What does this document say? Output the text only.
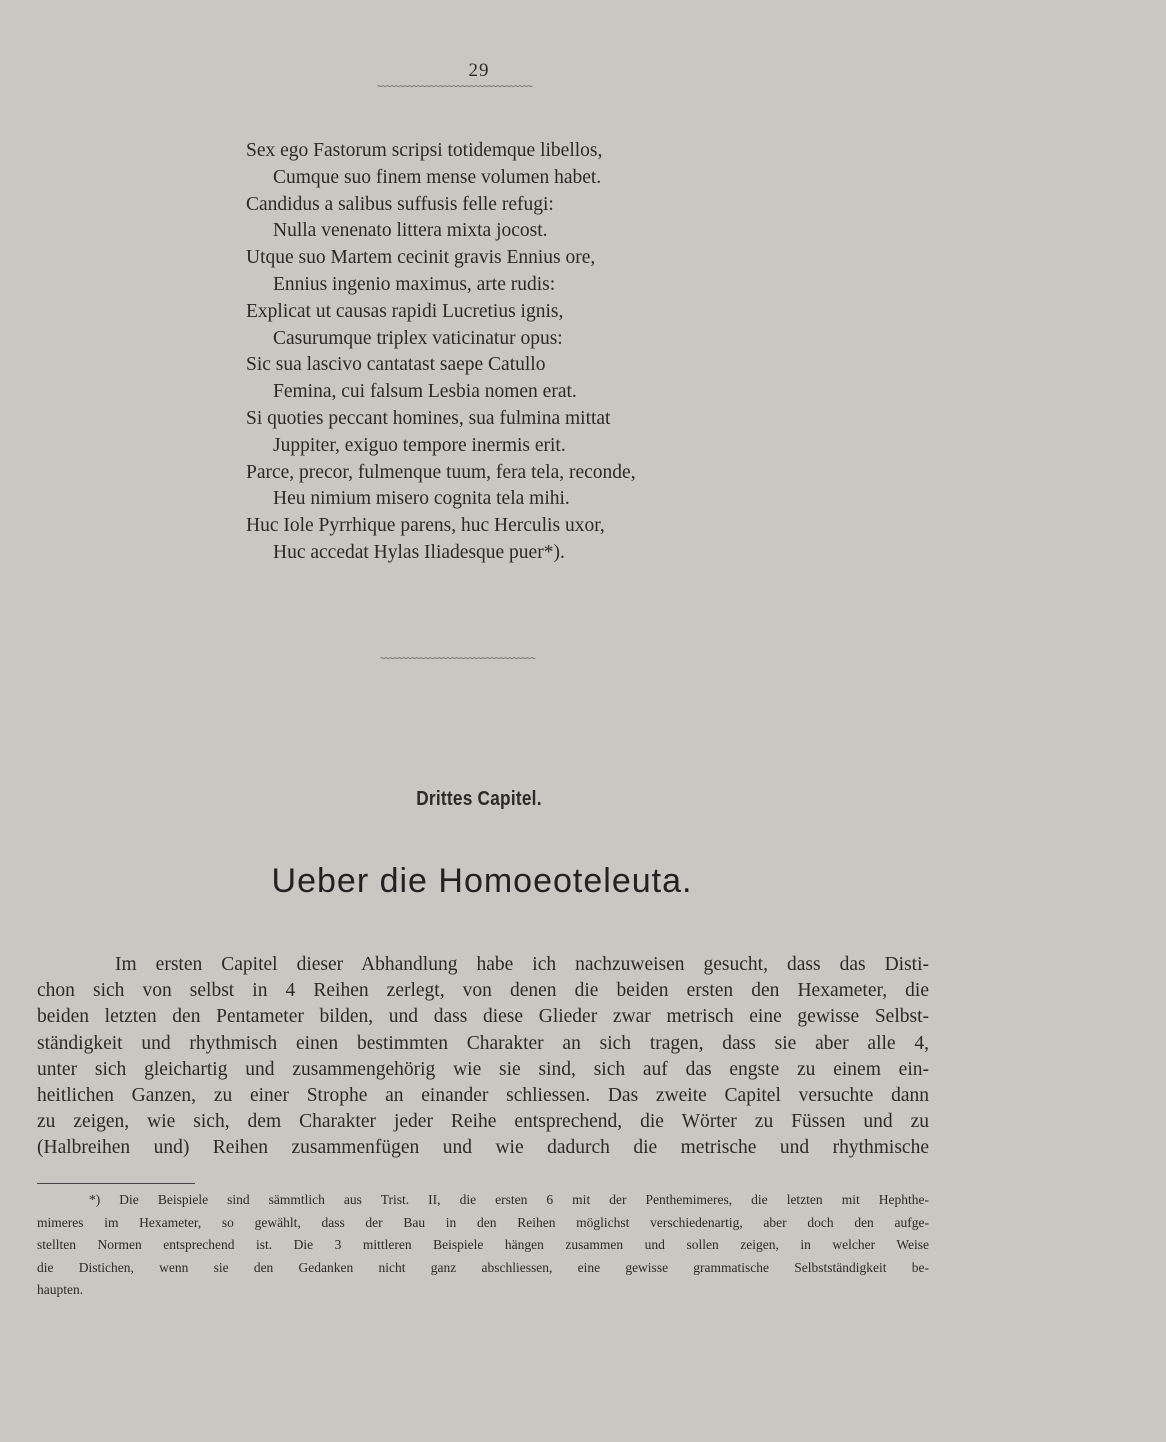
29
~~~~~~~~~~~~~~~~~~~~~~~~~~~~~~~~~~~
Sex ego Fastorum scripsi totidemque libellos,
Cumque suo finem mense volumen habet.
Candidus a salibus suffusis felle refugi:
Nulla venenato littera mixta jocost.
Utque suo Martem cecinit gravis Ennius ore,
Ennius ingenio maximus, arte rudis:
Explicat ut causas rapidi Lucretius ignis,
Casurumque triplex vaticinatur opus:
Sic sua lascivo cantatast saepe Catullo
Femina, cui falsum Lesbia nomen erat.
Si quoties peccant homines, sua fulmina mittat
Juppiter, exiguo tempore inermis erit.
Parce, precor, fulmenque tuum, fera tela, reconde,
Heu nimium misero cognita tela mihi.
Huc Iole Pyrrhique parens, huc Herculis uxor,
Huc accedat Hylas Iliadesque puer*).
~~~~~~~~~~~~~~~~~~~~~~~~~~~~~~~~~~~
Drittes Capitel.
Ueber die Homoeoteleuta.
Im ersten Capitel dieser Abhandlung habe ich nachzuweisen gesucht, dass das Disti-
chon sich von selbst in 4 Reihen zerlegt, von denen die beiden ersten den Hexameter, die
beiden letzten den Pentameter bilden, und dass diese Glieder zwar metrisch eine gewisse Selbst-
ständigkeit und rhythmisch einen bestimmten Charakter an sich tragen, dass sie aber alle 4,
unter sich gleichartig und zusammengehörig wie sie sind, sich auf das engste zu einem ein-
heitlichen Ganzen, zu einer Strophe an einander schliessen. Das zweite Capitel versuchte dann
zu zeigen, wie sich, dem Charakter jeder Reihe entsprechend, die Wörter zu Füssen und zu
(Halbreihen und) Reihen zusammenfügen und wie dadurch die metrische und rhythmische
*) Die Beispiele sind sämmtlich aus Trist. II, die ersten 6 mit der Penthemimeres, die letzten mit Hephthe-
mimeres im Hexameter, so gewählt, dass der Bau in den Reihen möglichst verschiedenartig, aber doch den aufge-
stellten Normen entsprechend ist. Die 3 mittleren Beispiele hängen zusammen und sollen zeigen, in welcher Weise
die Distichen, wenn sie den Gedanken nicht ganz abschliessen, eine gewisse grammatische Selbstständigkeit be-
haupten.
